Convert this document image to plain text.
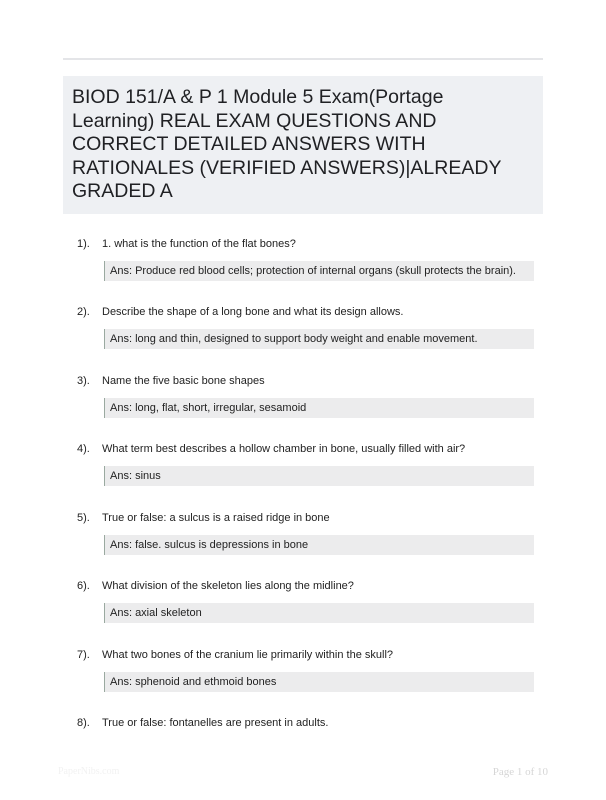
BIOD 151/A & P 1 Module 5 Exam(Portage Learning) REAL EXAM QUESTIONS AND CORRECT DETAILED ANSWERS WITH RATIONALES (VERIFIED ANSWERS)|ALREADY GRADED A
1). 1. what is the function of the flat bones?
Ans: Produce red blood cells; protection of internal organs (skull protects the brain).
2). Describe the shape of a long bone and what its design allows.
Ans: long and thin, designed to support body weight and enable movement.
3). Name the five basic bone shapes
Ans: long, flat, short, irregular, sesamoid
4). What term best describes a hollow chamber in bone, usually filled with air?
Ans: sinus
5). True or false: a sulcus is a raised ridge in bone
Ans: false. sulcus is depressions in bone
6). What division of the skeleton lies along the midline?
Ans: axial skeleton
7). What two bones of the cranium lie primarily within the skull?
Ans: sphenoid and ethmoid bones
8). True or false: fontanelles are present in adults.
PaperNibs.com	Page 1 of 10
